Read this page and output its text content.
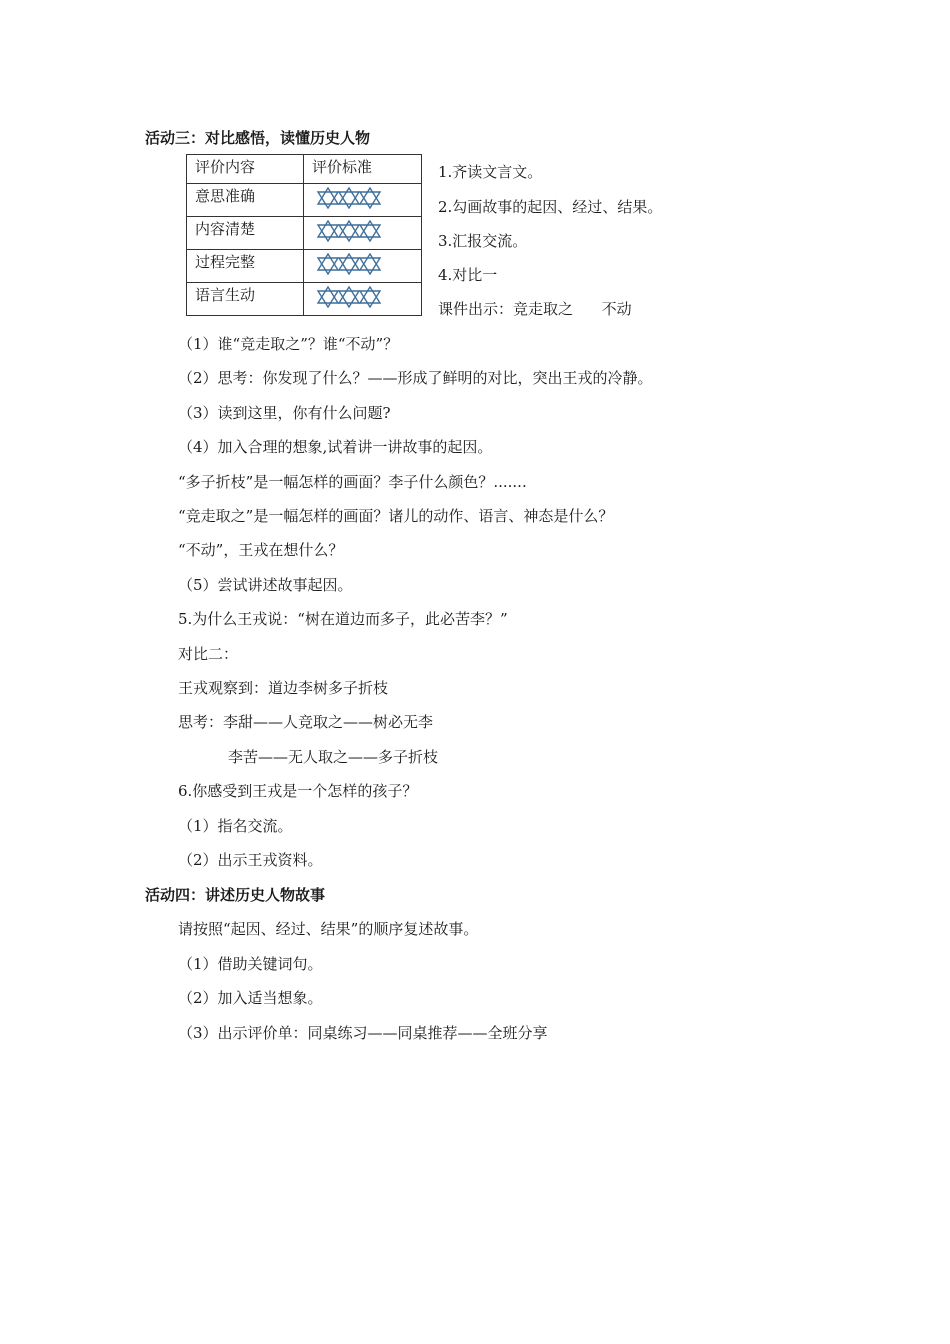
活动三：对比感悟，读懂历史人物
评价内容	评价标准
意思准确	

内容清楚	

过程完整	

语言生动	
1.齐读文言文。
2.勾画故事的起因、经过、结果。
3.汇报交流。
4.对比一
课件出示：竞走取之      不动
（1）谁“竞走取之”？谁“不动”？
（2）思考：你发现了什么？——形成了鲜明的对比，突出王戎的冷静。
（3）读到这里，你有什么问题?
（4）加入合理的想象,试着讲一讲故事的起因。
“多子折枝”是一幅怎样的画面？李子什么颜色？.......
“竞走取之”是一幅怎样的画面？诸儿的动作、语言、神态是什么？
“不动”，王戎在想什么？
（5）尝试讲述故事起因。
5.为什么王戎说：“树在道边而多子，此必苦李？”
对比二：
王戎观察到：道边李树多子折枝
思考：李甜——人竞取之——树必无李
李苦——无人取之——多子折枝
6.你感受到王戎是一个怎样的孩子？
（1）指名交流。
（2）出示王戎资料。
活动四：讲述历史人物故事
请按照“起因、经过、结果”的顺序复述故事。
（1）借助关键词句。
（2）加入适当想象。
（3）出示评价单：同桌练习——同桌推荐——全班分享
